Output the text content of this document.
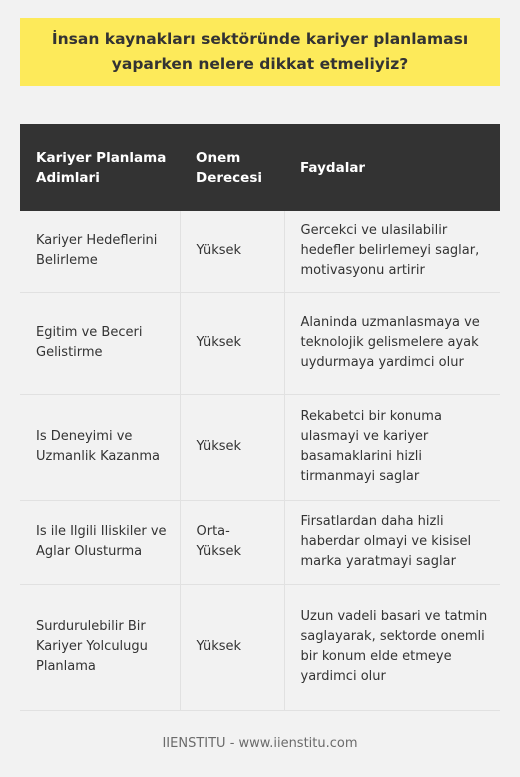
İnsan kaynakları sektöründe kariyer planlaması yaparken nelere dikkat etmeliyiz?
Kariyer Planlama Adimlari	Onem Derecesi	Faydalar
Kariyer Hedeflerini Belirleme	Yüksek	Gercekci ve ulasilabilir hedefler belirlemeyi saglar, motivasyonu artirir
Egitim ve Beceri Gelistirme	Yüksek	Alaninda uzmanlasmaya ve teknolojik gelismelere ayak uydurmaya yardimci olur
Is Deneyimi ve Uzmanlik Kazanma	Yüksek	Rekabetci bir konuma ulasmayi ve kariyer basamaklarini hizli tirmanmayi saglar
Is ile Ilgili Iliskiler ve Aglar Olusturma	Orta-Yüksek	Firsatlardan daha hizli haberdar olmayi ve kisisel marka yaratmayi saglar
Surdurulebilir Bir Kariyer Yolculugu Planlama	Yüksek	Uzun vadeli basari ve tatmin saglayarak, sektorde onemli bir konum elde etmeye yardimci olur
IIENSTITU - www.iienstitu.com
